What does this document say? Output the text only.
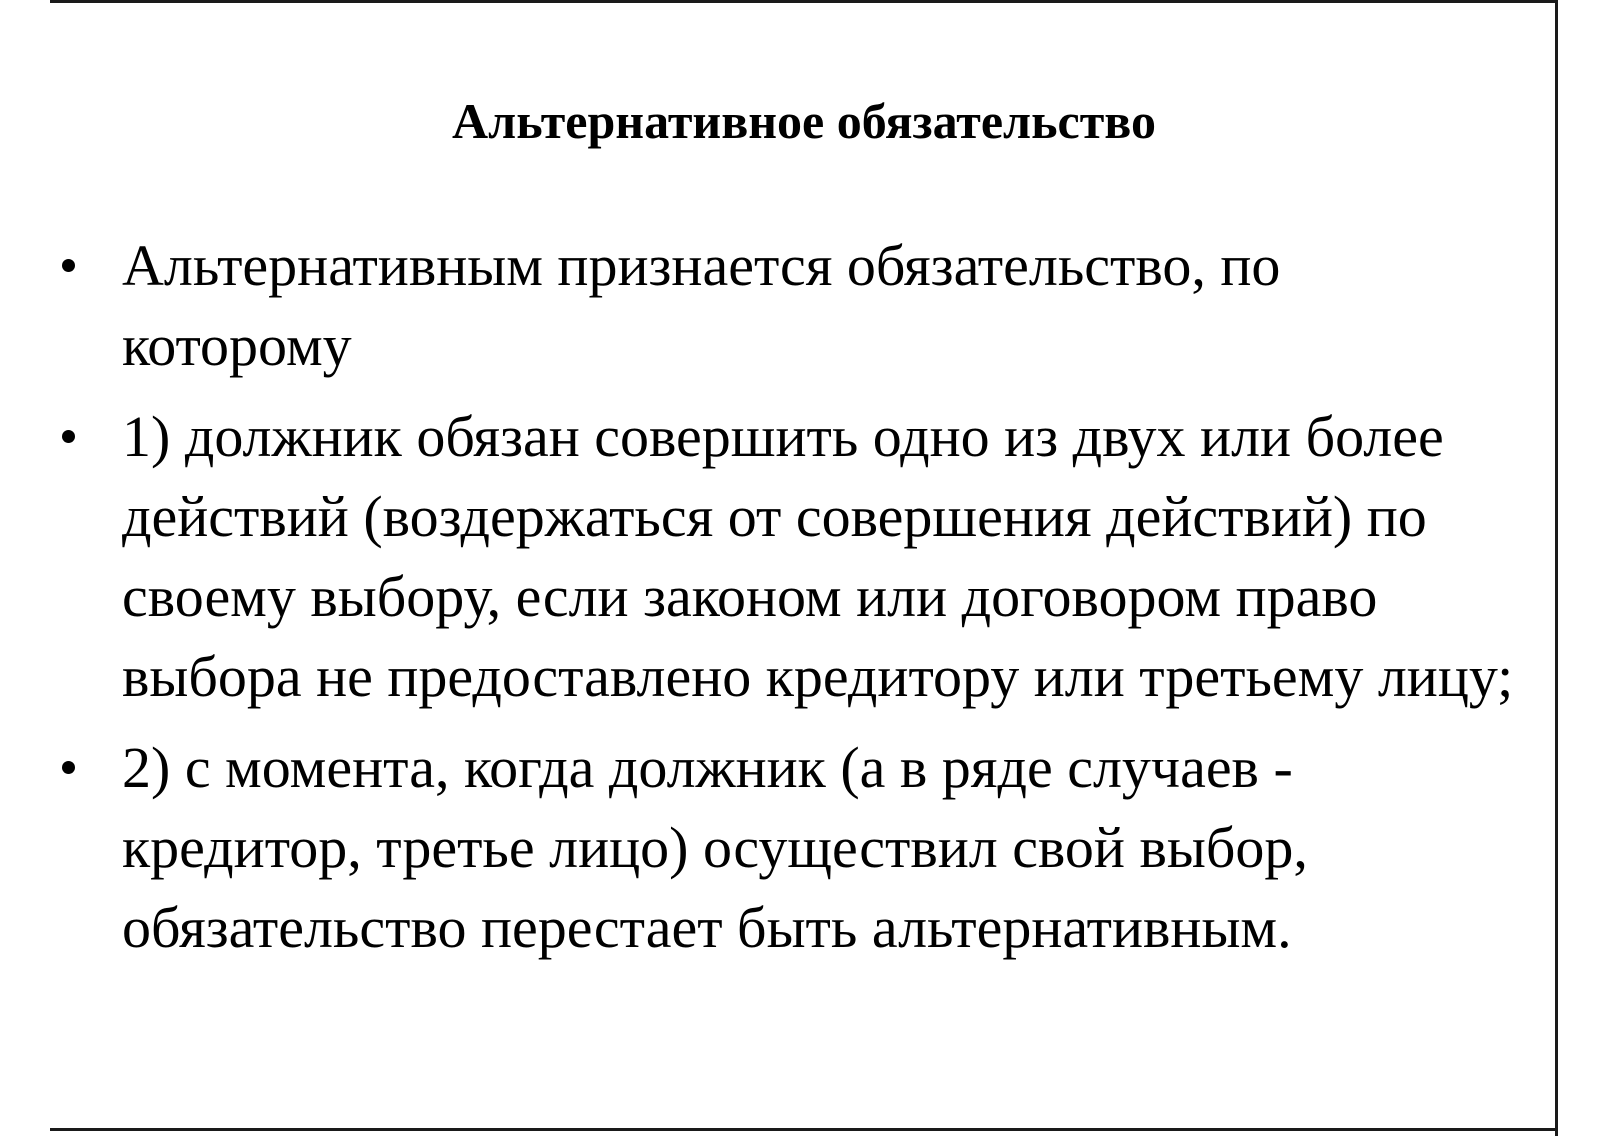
Альтернативное обязательство
Альтернативным признается обязательство, по которому
1) должник обязан совершить одно из двух или более действий (воздержаться от совершения действий) по своему выбору, если законом или договором право выбора не предоставлено кредитору или третьему лицу;
2) с момента, когда должник (а в ряде случаев - кредитор, третье лицо) осуществил свой выбор, обязательство перестает быть альтернативным.
